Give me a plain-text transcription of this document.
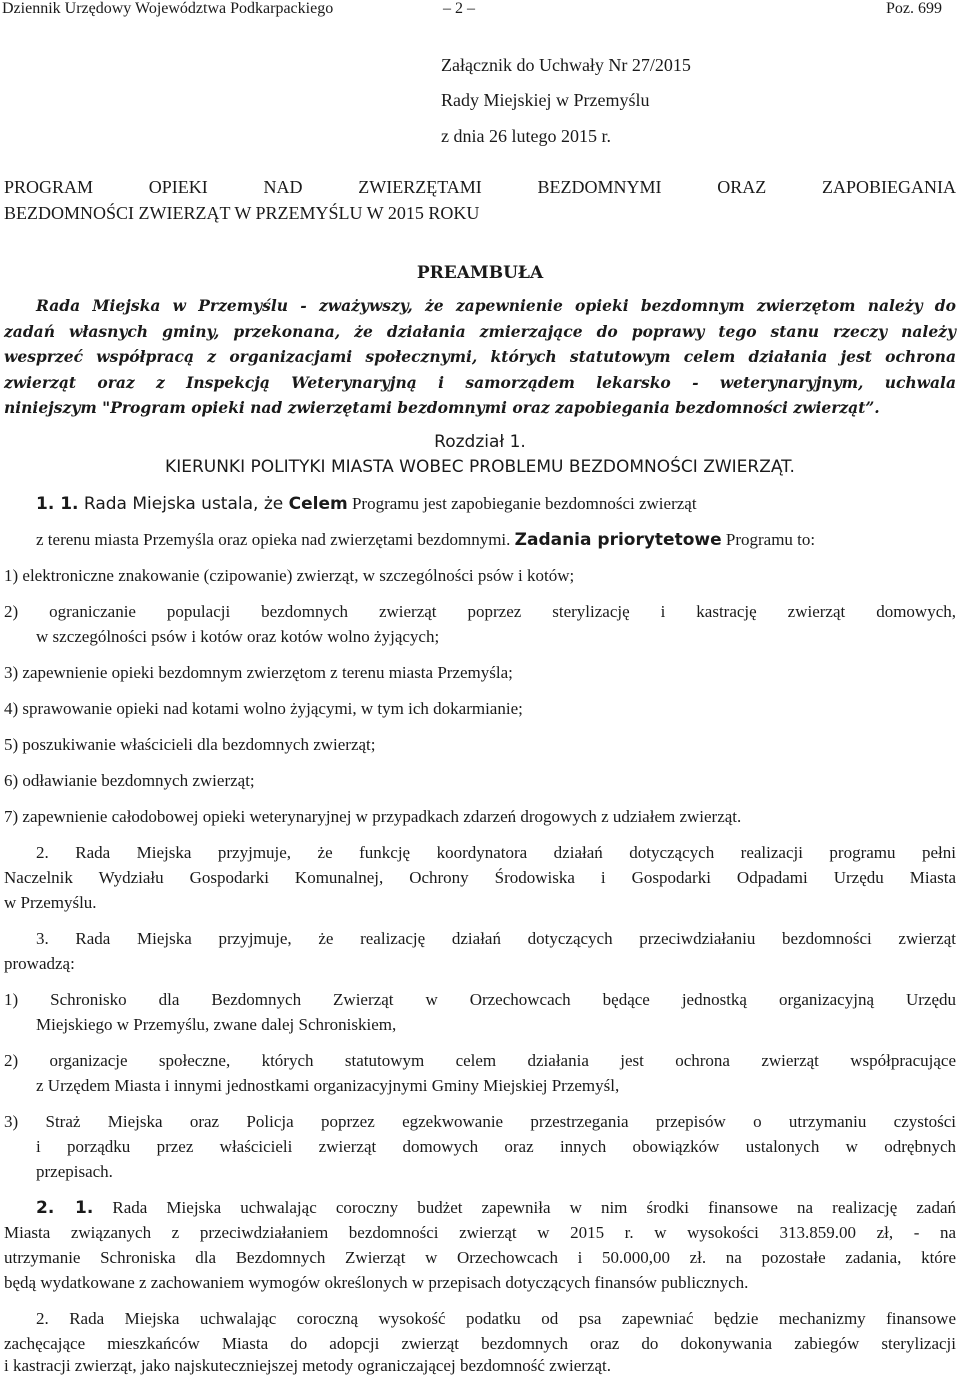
Dziennik Urzędowy Województwa Podkarpackiego	– 2 –	Poz. 699
Załącznik do Uchwały Nr 27/2015
Rady Miejskiej w Przemyślu
z dnia 26 lutego 2015 r.
PROGRAM OPIEKI NAD ZWIERZĘTAMI BEZDOMNYMI ORAZ ZAPOBIEGANIA
BEZDOMNOŚCI ZWIERZĄT W PRZEMYŚLU W 2015 ROKU
PREAMBUŁA
Rada Miejska w Przemyślu - zważywszy, że zapewnienie opieki bezdomnym zwierzętom należy do
zadań własnych gminy, przekonana, że działania zmierzające do poprawy tego stanu rzeczy należy
wesprzeć współpracą z organizacjami społecznymi, których statutowym celem działania jest ochrona
zwierząt oraz z Inspekcją Weterynaryjną i samorządem lekarsko - weterynaryjnym, uchwala
niniejszym "Program opieki nad zwierzętami bezdomnymi oraz zapobiegania bezdomności zwierząt”.
Rozdział 1.
KIERUNKI POLITYKI MIASTA WOBEC PROBLEMU BEZDOMNOŚCI ZWIERZĄT.
1. 1. Rada Miejska ustala, że Celem Programu jest zapobieganie bezdomności zwierząt
z terenu miasta Przemyśla oraz opieka nad zwierzętami bezdomnymi. Zadania priorytetowe Programu to:
1) elektroniczne znakowanie (czipowanie) zwierząt, w szczególności psów i kotów;
2) ograniczanie populacji bezdomnych zwierząt poprzez sterylizację i kastrację zwierząt domowych,
w szczególności psów i kotów oraz kotów wolno żyjących;
3) zapewnienie opieki bezdomnym zwierzętom z terenu miasta Przemyśla;
4) sprawowanie opieki nad kotami wolno żyjącymi, w tym ich dokarmianie;
5) poszukiwanie właścicieli dla bezdomnych zwierząt;
6) odławianie bezdomnych zwierząt;
7) zapewnienie całodobowej opieki weterynaryjnej w przypadkach zdarzeń drogowych z udziałem zwierząt.
2. Rada Miejska przyjmuje, że funkcję koordynatora działań dotyczących realizacji programu pełni
Naczelnik Wydziału Gospodarki Komunalnej, Ochrony Środowiska i Gospodarki Odpadami Urzędu Miasta
w Przemyślu.
3. Rada Miejska przyjmuje, że realizację działań dotyczących przeciwdziałaniu bezdomności zwierząt
prowadzą:
1) Schronisko dla Bezdomnych Zwierząt w Orzechowcach będące jednostką organizacyjną Urzędu
Miejskiego w Przemyślu, zwane dalej Schroniskiem,
2) organizacje społeczne, których statutowym celem działania jest ochrona zwierząt współpracujące
z Urzędem Miasta i innymi jednostkami organizacyjnymi Gminy Miejskiej Przemyśl,
3) Straż Miejska oraz Policja poprzez egzekwowanie przestrzegania przepisów o utrzymaniu czystości
i porządku przez właścicieli zwierząt domowych oraz innych obowiązków ustalonych w odrębnych
przepisach.
2. 1. Rada Miejska uchwalając coroczny budżet zapewniła w nim środki finansowe na realizację zadań
Miasta związanych z przeciwdziałaniem bezdomności zwierząt w 2015 r. w wysokości 313.859.00 zł, - na
utrzymanie Schroniska dla Bezdomnych Zwierząt w Orzechowcach i 50.000,00 zł. na pozostałe zadania, które
będą wydatkowane z zachowaniem wymogów określonych w przepisach dotyczących finansów publicznych.
2. Rada Miejska uchwalając coroczną wysokość podatku od psa zapewniać będzie mechanizmy finansowe
zachęcające mieszkańców Miasta do adopcji zwierząt bezdomnych oraz do dokonywania zabiegów sterylizacji
i kastracji zwierząt, jako najskuteczniejszej metody ograniczającej bezdomność zwierząt.
